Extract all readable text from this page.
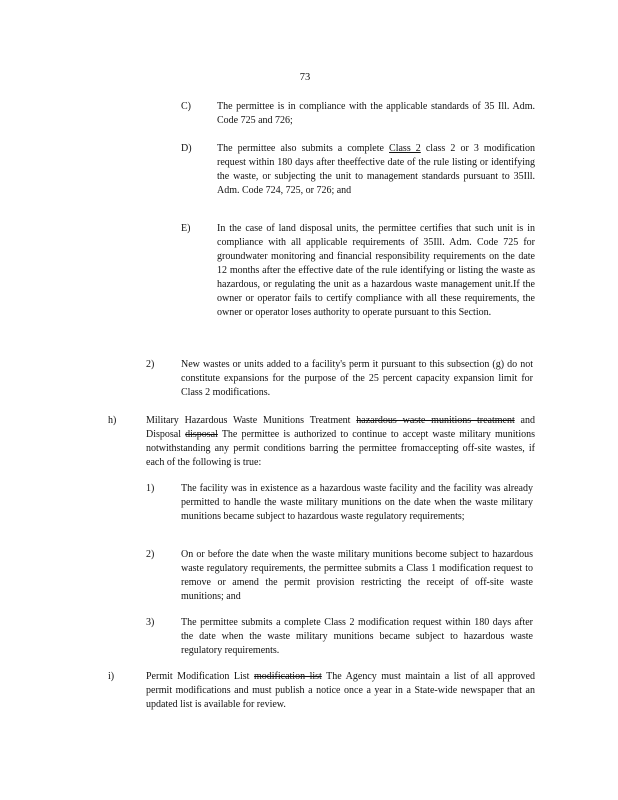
73
C)	The permittee is in compliance with the applicable standards of 35 Ill. Adm. Code 725 and 726;
D)	The permittee also submits a complete Class 2 class 2 or 3 modification request within 180 days after theeffective date of the rule listing or identifying the waste, or subjecting the unit to management standards pursuant to 35Ill. Adm. Code 724, 725, or 726; and
E)	In the case of land disposal units, the permittee certifies that such unit is in compliance with all applicable requirements of 35Ill. Adm. Code 725 for groundwater monitoring and financial responsibility requirements on the date 12 months after the effective date of the rule identifying or listing the waste as hazardous, or regulating the unit as a hazardous waste management unit.If the owner or operator fails to certify compliance with all these requirements, the owner or operator loses authority to operate pursuant to this Section.
2)	New wastes or units added to a facility's perm it pursuant to this subsection (g) do not constitute expansions for the purpose of the 25 percent capacity expansion limit for Class 2 modifications.
h)	Military Hazardous Waste Munitions Treatment hazardous waste munitions treatment and Disposal disposal The permittee is authorized to continue to accept waste military munitions notwithstanding any permit conditions barring the permittee fromaccepting off-site wastes, if each of the following is true:
1)	The facility was in existence as a hazardous waste facility and the facility was already permitted to handle the waste military munitions on the date when the waste military munitions became subject to hazardous waste regulatory requirements;
2)	On or before the date when the waste military munitions become subject to hazardous waste regulatory requirements, the permittee submits a Class 1 modification request to remove or amend the permit provision restricting the receipt of off-site waste munitions; and
3)	The permittee submits a complete Class 2 modification request within 180 days after the date when the waste military munitions became subject to hazardous waste regulatory requirements.
i)	Permit Modification List modification list The Agency must maintain a list of all approved permit modifications and must publish a notice once a year in a State-wide newspaper that an updated list is available for review.
